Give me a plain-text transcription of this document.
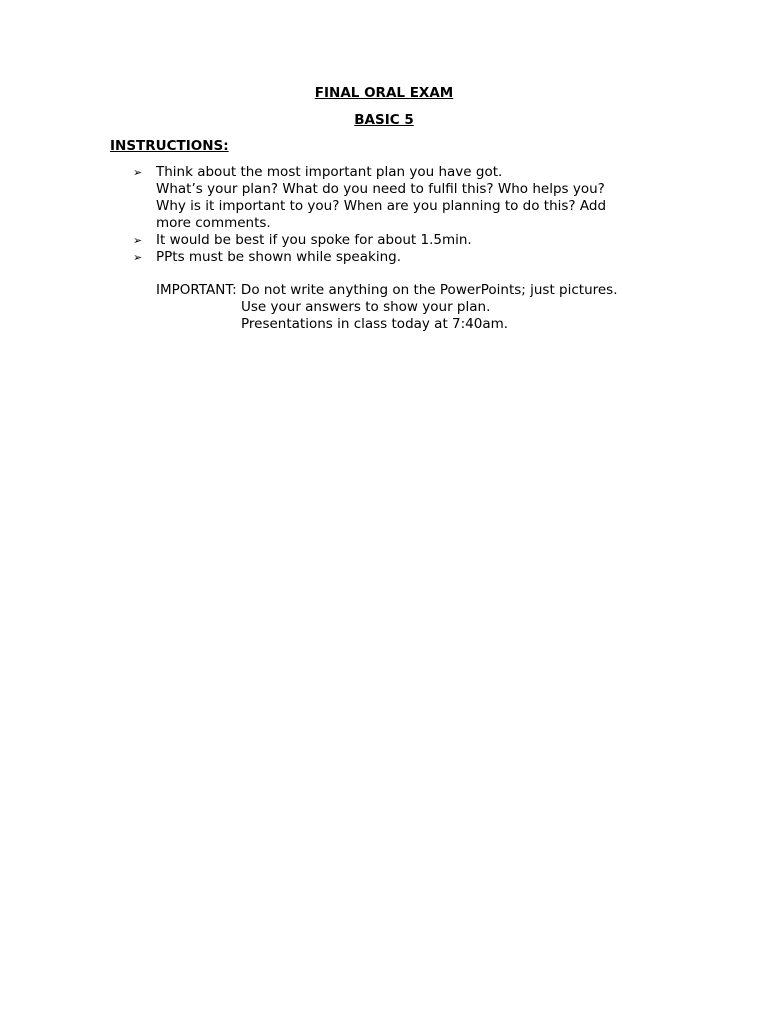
FINAL ORAL EXAM
BASIC 5
INSTRUCTIONS:
➢ Think about the most important plan you have got.
What’s your plan? What do you need to fulfil this? Who helps you?
Why is it important to you? When are you planning to do this? Add
more comments.
➢ It would be best if you spoke for about 1.5min.
➢ PPts must be shown while speaking.
IMPORTANT: Do not write anything on the PowerPoints; just pictures.
Use your answers to show your plan.
Presentations in class today at 7:40am.
